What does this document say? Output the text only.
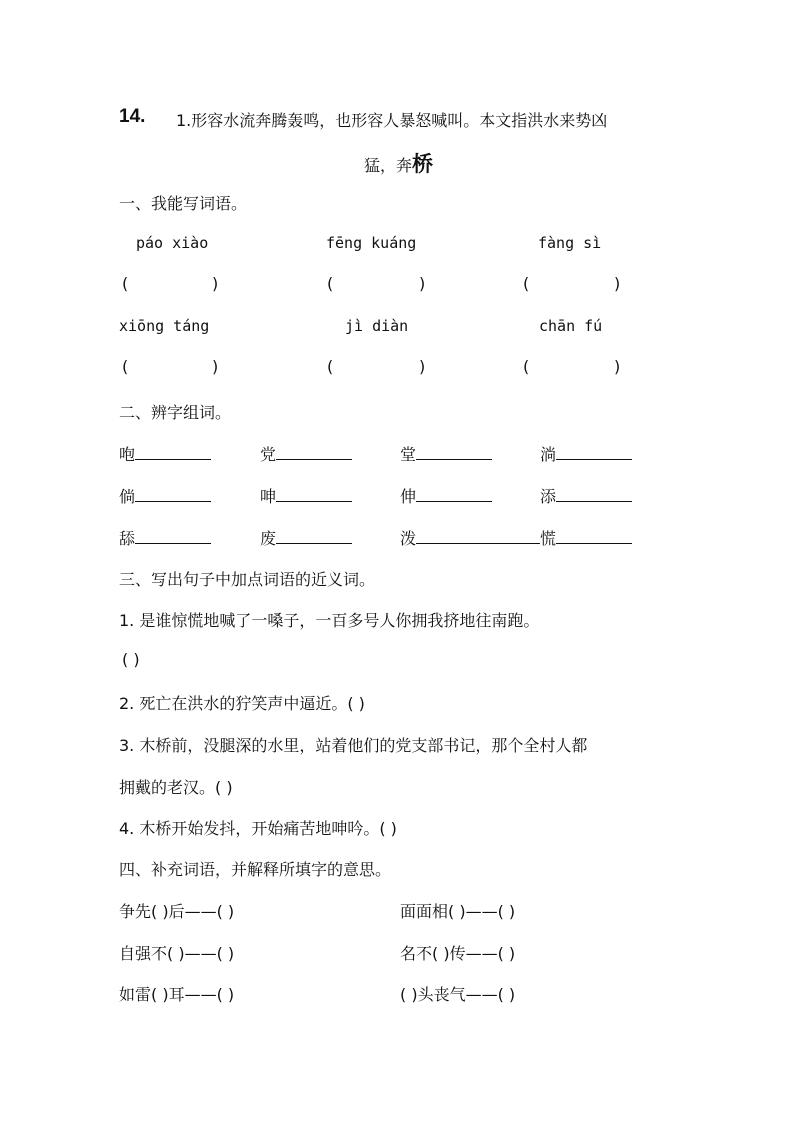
14. 1.形容水流奔腾轰鸣，也形容人暴怒喊叫。本文指洪水来势凶
猛，奔桥
一、我能写词语。
páo xiào	fēng kuáng	fàng sì
(	)	(	)	(	)
xiōng táng	jì diàn	chān fú
(	)	(	)	(	)
二、辨字组词。
咆	党	堂	淌
倘	呻	伸	添
舔	废	泼	慌
三、写出句子中加点词语的近义词。
1. 是谁惊慌地喊了一嗓子，一百多号人你拥我挤地往南跑。
( )
2. 死亡在洪水的狞笑声中逼近。( )
3. 木桥前，没腿深的水里，站着他们的党支部书记，那个全村人都
拥戴的老汉。( )
4. 木桥开始发抖，开始痛苦地呻吟。( )
四、补充词语，并解释所填字的意思。
争先( )后——( )	面面相( )——( )
自强不( )——( )	名不( )传——( )
如雷( )耳——( )	( )头丧气——( )
